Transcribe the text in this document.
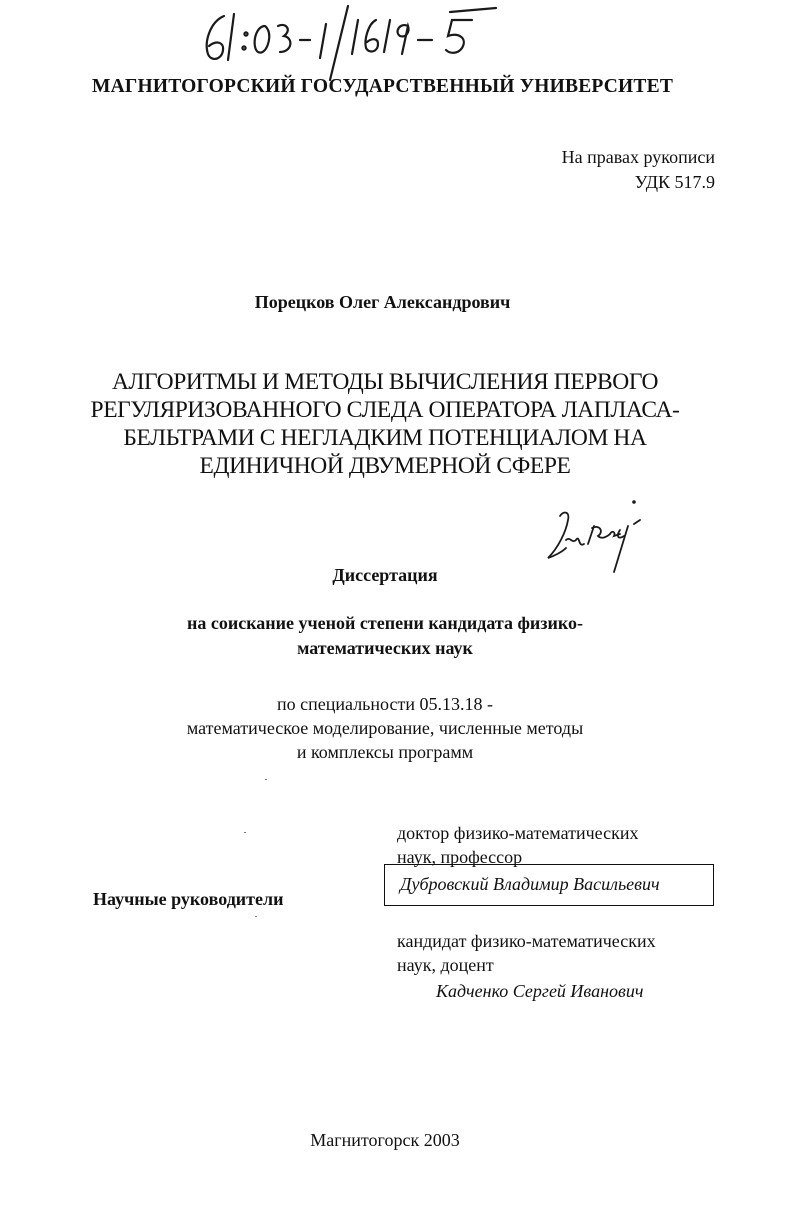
МАГНИТОГОРСКИЙ ГОСУДАРСТВЕННЫЙ УНИВЕРСИТЕТ
На правах рукописи
УДК 517.9
Порецков Олег Александрович
АЛГОРИТМЫ И МЕТОДЫ ВЫЧИСЛЕНИЯ ПЕРВОГО
РЕГУЛЯРИЗОВАННОГО СЛЕДА ОПЕРАТОРА ЛАПЛАСА-
БЕЛЬТРАМИ С НЕГЛАДКИМ ПОТЕНЦИАЛОМ НА
ЕДИНИЧНОЙ ДВУМЕРНОЙ СФЕРЕ
Диссертация
на соискание ученой степени кандидата физико-
математических наук
по специальности 05.13.18 -
математическое моделирование, численные методы
и комплексы программ
Научные руководители
доктор физико-математических
наук, профессор
Дубровский Владимир Васильевич
кандидат физико-математических
наук, доцент
Кадченко Сергей Иванович
Магнитогорск 2003
